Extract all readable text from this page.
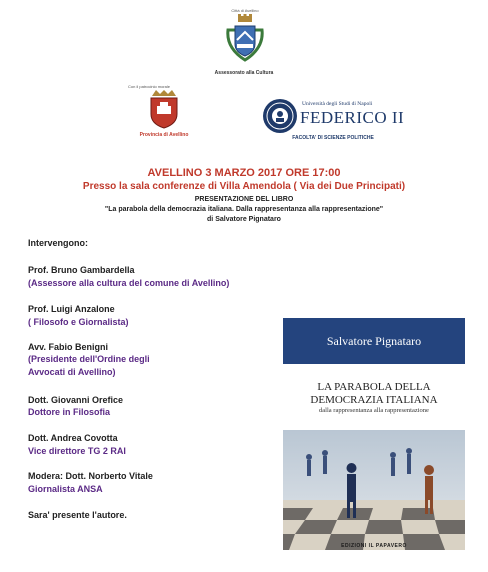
Città di Avellino
Assessorato alla Cultura
Con il patrocinio morale
Provincia di Avellino
Università degli Studi di Napoli
FEDERICO II
FACOLTA' DI SCIENZE POLITICHE
AVELLINO 3 MARZO 2017 ORE 17:00
Presso la sala conferenze di Villa Amendola ( Via dei Due Principati)
PRESENTAZIONE DEL LIBRO
"La parabola della democrazia italiana. Dalla rappresentanza alla rappresentazione"
di Salvatore Pignataro
Intervengono:
Prof. Bruno Gambardella
(Assessore alla cultura del comune di Avellino)
Prof. Luigi Anzalone
( Filosofo e Giornalista)
Avv. Fabio Benigni
(Presidente dell'Ordine degli
Avvocati di Avellino)
Dott. Giovanni Orefice
Dottore in Filosofia
Dott. Andrea Covotta
Vice direttore TG 2 RAI
Modera: Dott. Norberto Vitale
Giornalista ANSA
Sara' presente l'autore.
Salvatore Pignataro
LA PARABOLA DELLA
DEMOCRAZIA ITALIANA
dalla rappresentanza alla rappresentazione
EDIZIONI IL PAPAVERO
